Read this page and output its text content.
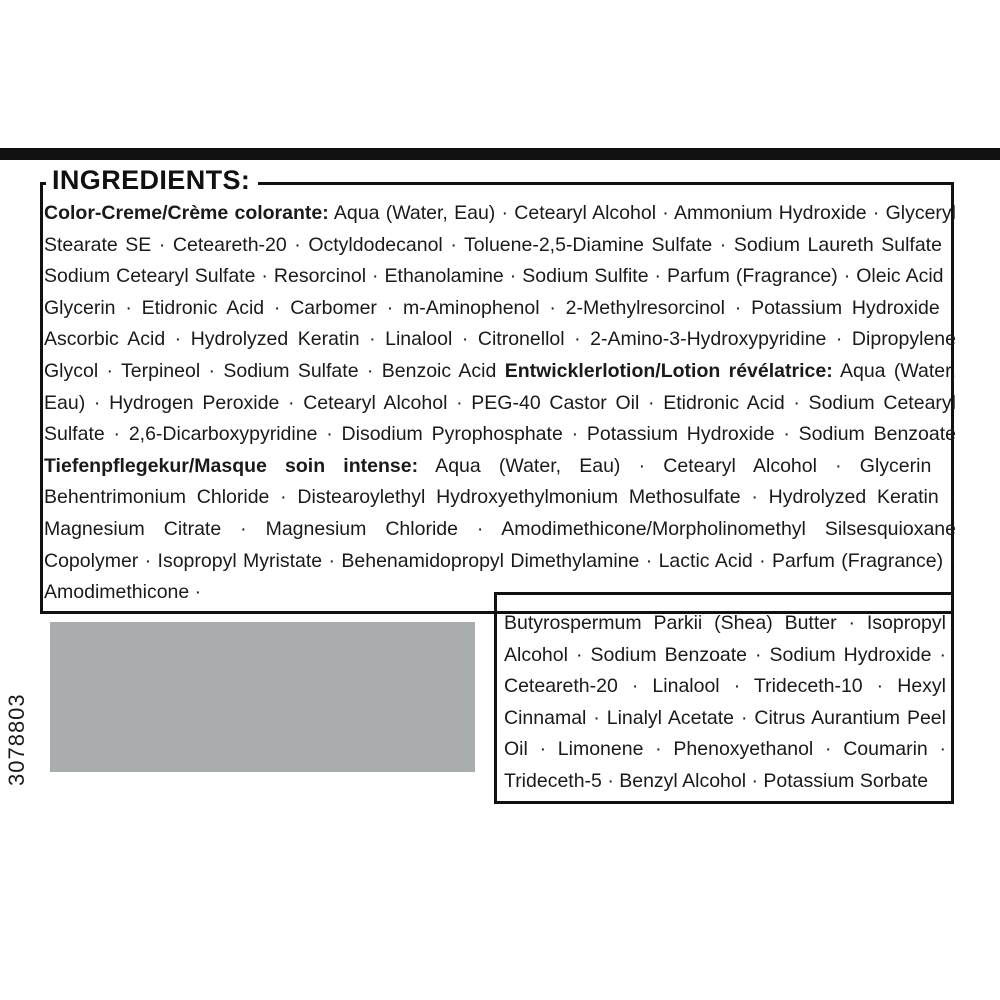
INGREDIENTS:
Color-Creme/Crème colorante: Aqua (Water, Eau) · Cetearyl Alcohol · Ammonium Hydroxide · Glyceryl Stearate SE · Ceteareth-20 · Octyldodecanol · Toluene-2,5-Diamine Sulfate · Sodium Laureth Sulfate · Sodium Cetearyl Sulfate · Resorcinol · Ethanolamine · Sodium Sulfite · Parfum (Fragrance) · Oleic Acid · Glycerin · Etidronic Acid · Carbomer · m-Aminophenol · 2-Methylresorcinol · Potassium Hydroxide · Ascorbic Acid · Hydrolyzed Keratin · Linalool · Citronellol · 2-Amino-3-Hydroxypyridine · Dipropylene Glycol · Terpineol · Sodium Sulfate · Benzoic Acid Entwicklerlotion/Lotion révélatrice: Aqua (Water, Eau) · Hydrogen Peroxide · Cetearyl Alcohol · PEG-40 Castor Oil · Etidronic Acid · Sodium Cetearyl Sulfate · 2,6-Dicarboxypyridine · Disodium Pyrophosphate · Potassium Hydroxide · Sodium Benzoate Tiefenpflegekur/Masque soin intense: Aqua (Water, Eau) · Cetearyl Alcohol · Glycerin · Behentrimonium Chloride · Distearoylethyl Hydroxyethylmonium Methosulfate · Hydrolyzed Keratin · Magnesium Citrate · Magnesium Chloride · Amodimethicone/Morpholinomethyl Silsesquioxane Copolymer · Isopropyl Myristate · Behenamidopropyl Dimethylamine · Lactic Acid · Parfum (Fragrance) · Amodimethicone ·
Butyrospermum Parkii (Shea) Butter · Isopropyl Alcohol · Sodium Benzoate · Sodium Hydroxide · Ceteareth-20 · Linalool · Trideceth-10 · Hexyl Cinnamal · Linalyl Acetate · Citrus Aurantium Peel Oil · Limonene · Phenoxyethanol · Coumarin · Trideceth-5 · Benzyl Alcohol · Potassium Sorbate
3078803
